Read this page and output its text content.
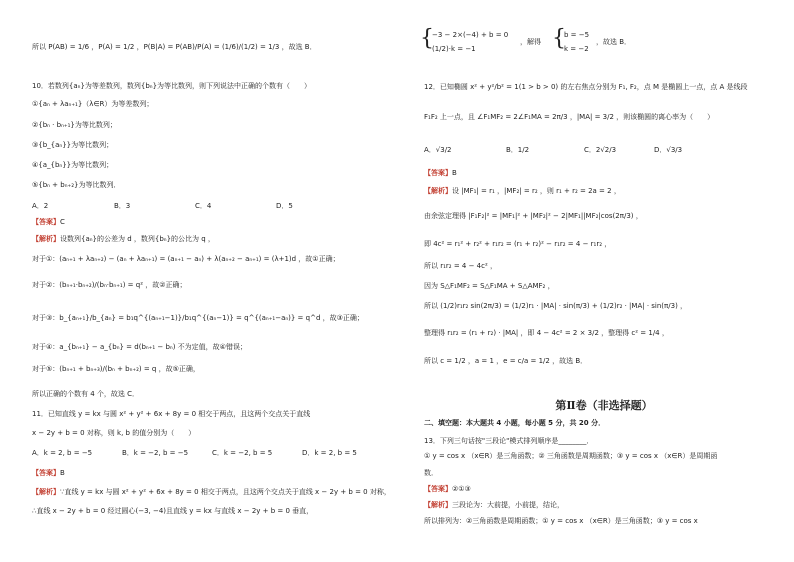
所以 P(AB) = 1/6 ，P(A) = 1/2 ，P(B|A) = P(AB)/P(A) = (1/6)/(1/2) = 1/3 ，故选 B．
10．若数列{aₙ}为等差数列，数列{bₙ}为等比数列，则下列说法中正确的个数有（　　）
①{aₙ + λaₙ₊₁}（λ∈R）为等差数列；
②{bₙ · bₙ₊₁}为等比数列；
③{b_{aₙ}}为等比数列；
④{a_{bₙ}}为等比数列；
⑤{bₙ + bₙ₊₂}为等比数列．
A．2	B．3	C．4	D．5
【答案】C
【解析】设数列{aₙ}的公差为 d ，数列{bₙ}的公比为 q ，
对于①：(aₙ₊₁ + λaₙ₊₂) − (aₙ + λaₙ₊₁) = (aₙ₊₁ − aₙ) + λ(aₙ₊₂ − aₙ₊₁) = (λ+1)d ，故①正确；
对于②：(bₙ₊₁·bₙ₊₂)/(bₙ·bₙ₊₁) = q² ，故②正确；
对于③：b_{aₙ₊₁}/b_{aₙ} = b₁q^{(aₙ₊₁−1)}/b₁q^{(aₙ−1)} = q^{(aₙ₊₁−aₙ)} = q^d ，故③正确；
对于④：a_{bₙ₊₁} − a_{bₙ} = d(bₙ₊₁ − bₙ) 不为定值，故④错误；
对于⑤：(bₙ₊₁ + bₙ₊₃)/(bₙ + bₙ₊₂) = q ，故⑤正确，
所以正确的个数有 4 个，故选 C．
11．已知直线 y = kx 与圆 x² + y² + 6x + 8y = 0 相交于两点，且这两个交点关于直线
x − 2y + b = 0 对称，则 k, b 的值分别为（　　）
A．k = 2, b = −5	B．k = −2, b = −5	C．k = −2, b = 5	D．k = 2, b = 5
【答案】B
【解析】∵直线 y = kx 与圆 x² + y² + 6x + 8y = 0 相交于两点，且这两个交点关于直线 x − 2y + b = 0 对称，
∴直线 x − 2y + b = 0 经过圆心(−3, −4)且直线 y = kx 与直线 x − 2y + b = 0 垂直，
{
−3 − 2×(−4) + b = 0
(1/2)·k = −1
，解得 {
b = −5
k = −2
，故选 B．
12．已知椭圆 x² + y²/b² = 1(1 > b > 0) 的左右焦点分别为 F₁, F₂，点 M 是椭圆上一点，点 A 是线段
F₁F₂ 上一点，且 ∠F₁MF₂ = 2∠F₁MA = 2π/3 ，|MA| = 3/2 ，则该椭圆的离心率为（　　）
A．√3/2	B．1/2	C．2√2/3	D．√3/3
【答案】B
【解析】设 |MF₁| = r₁ ，|MF₂| = r₂ ，则 r₁ + r₂ = 2a = 2 ，
由余弦定理得 |F₁F₂|² = |MF₁|² + |MF₂|² − 2|MF₁||MF₂|cos(2π/3) ，
即 4c² = r₁² + r₂² + r₁r₂ = (r₁ + r₂)² − r₁r₂ = 4 − r₁r₂ ，
所以 r₁r₂ = 4 − 4c² ，
因为 S△F₁MF₂ = S△F₁MA + S△AMF₂ ，
所以 (1/2)r₁r₂ sin(2π/3) = (1/2)r₁ · |MA| · sin(π/3) + (1/2)r₂ · |MA| · sin(π/3) ，
整理得 r₁r₂ = (r₁ + r₂) · |MA| ，即 4 − 4c² = 2 × 3/2 ，整理得 c² = 1/4 ，
所以 c = 1/2 ，a = 1 ，e = c/a = 1/2 ，故选 B．
第Ⅱ卷（非选择题）
二、填空题：本大题共 4 小题，每小题 5 分，共 20 分．
13．下列三句话按"三段论"模式排列顺序是________．
① y = cos x （x∈R）是三角函数；② 三角函数是周期函数；③ y = cos x （x∈R）是周期函
数．
【答案】②①③
【解析】三段论为：大前提，小前提，结论，
所以排列为：②三角函数是周期函数；① y = cos x （x∈R）是三角函数；③ y = cos x
